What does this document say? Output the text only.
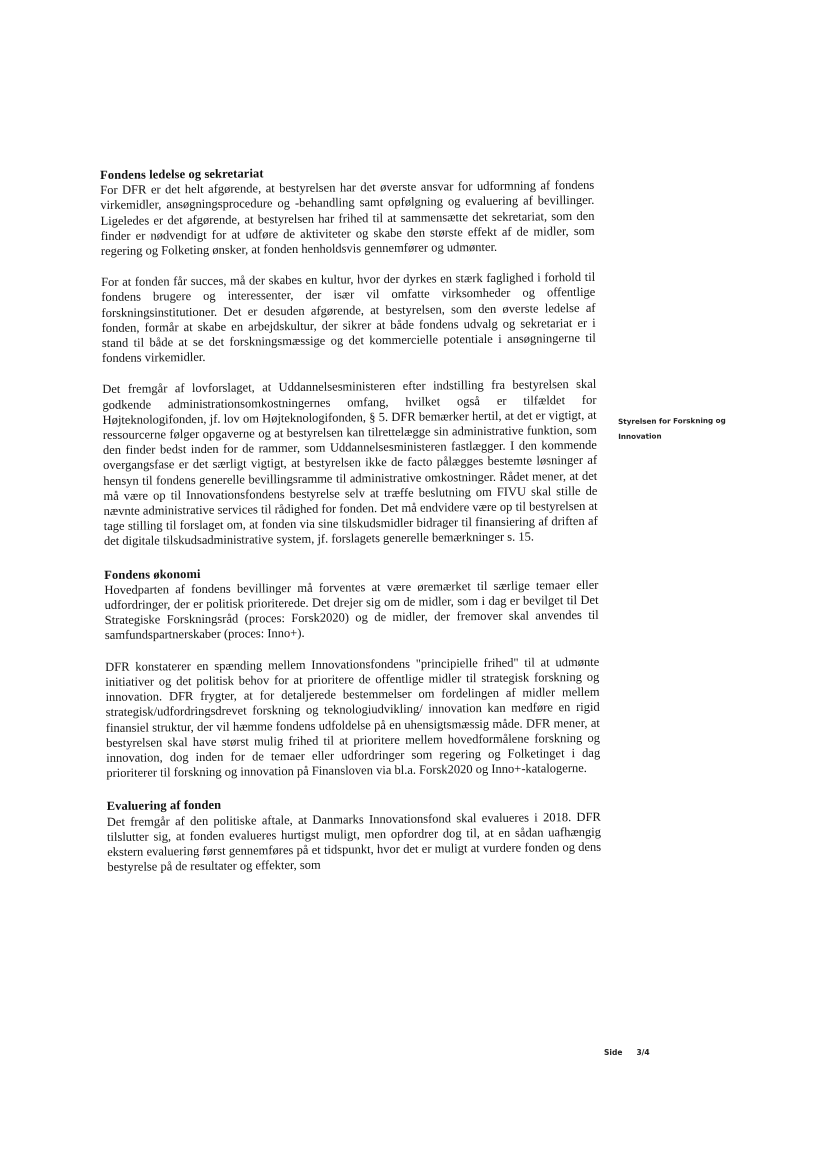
Fondens ledelse og sekretariat

For DFR er det helt afgørende, at bestyrelsen har det øverste ansvar for udformning af fondens virkemidler, ansøgningsprocedure og -behandling samt opfølgning og evaluering af bevillinger. Ligeledes er det afgørende, at bestyrelsen har frihed til at sammensætte det sekretariat, som den finder er nødvendigt for at udføre de aktiviteter og skabe den største effekt af de midler, som regering og Folketing ønsker, at fonden henholdsvis gennemfører og udmønter.

For at fonden får succes, må der skabes en kultur, hvor der dyrkes en stærk faglighed i forhold til fondens brugere og interessenter, der især vil omfatte virksomheder og offentlige forskningsinstitutioner. Det er desuden afgørende, at bestyrelsen, som den øverste ledelse af fonden, formår at skabe en arbejdskultur, der sikrer at både fondens udvalg og sekretariat er i stand til både at se det forskningsmæssige og det kommercielle potentiale i ansøgningerne til fondens virkemidler.

Det fremgår af lovforslaget, at Uddannelsesministeren efter indstilling fra bestyrelsen skal godkende administrationsomkostningernes omfang, hvilket også er tilfældet for Højteknologifonden, jf. lov om Højteknologifonden, § 5. DFR bemærker hertil, at det er vigtigt, at ressourcerne følger opgaverne og at bestyrelsen kan tilrettelægge sin administrative funktion, som den finder bedst inden for de rammer, som Uddannelsesministeren fastlægger. I den kommende overgangsfase er det særligt vigtigt, at bestyrelsen ikke de facto pålægges bestemte løsninger af hensyn til fondens generelle bevillingsramme til administrative omkostninger. Rådet mener, at det må være op til Innovationsfondens bestyrelse selv at træffe beslutning om FIVU skal stille de nævnte administrative services til rådighed for fonden. Det må endvidere være op til bestyrelsen at tage stilling til forslaget om, at fonden via sine tilskudsmidler bidrager til finansiering af driften af det digitale tilskudsadministrative system, jf. forslagets generelle bemærkninger s. 15.

Fondens økonomi

Hovedparten af fondens bevillinger må forventes at være øremærket til særlige temaer eller udfordringer, der er politisk prioriterede. Det drejer sig om de midler, som i dag er bevilget til Det Strategiske Forskningsråd (proces: Forsk2020) og de midler, der fremover skal anvendes til samfundspartnerskaber (proces: Inno+).

DFR konstaterer en spænding mellem Innovationsfondens "principielle frihed" til at udmønte initiativer og det politisk behov for at prioritere de offentlige midler til strategisk forskning og innovation. DFR frygter, at for detaljerede bestemmelser om fordelingen af midler mellem strategisk/udfordringsdrevet forskning og teknologiudvikling/ innovation kan medføre en rigid finansiel struktur, der vil hæmme fondens udfoldelse på en uhensigtsmæssig måde. DFR mener, at bestyrelsen skal have størst mulig frihed til at prioritere mellem hovedformålene forskning og innovation, dog inden for de temaer eller udfordringer som regering og Folketinget i dag prioriterer til forskning og innovation på Finansloven via bl.a. Forsk2020 og Inno+-katalogerne.

Evaluering af fonden

Det fremgår af den politiske aftale, at Danmarks Innovationsfond skal evalueres i 2018. DFR tilslutter sig, at fonden evalueres hurtigst muligt, men opfordrer dog til, at en sådan uafhængig ekstern evaluering først gennemføres på et tidspunkt, hvor det er muligt at vurdere fonden og dens bestyrelse på de resultater og effekter, som

Styrelsen for Forskning og
Innovation
Side 3/4
